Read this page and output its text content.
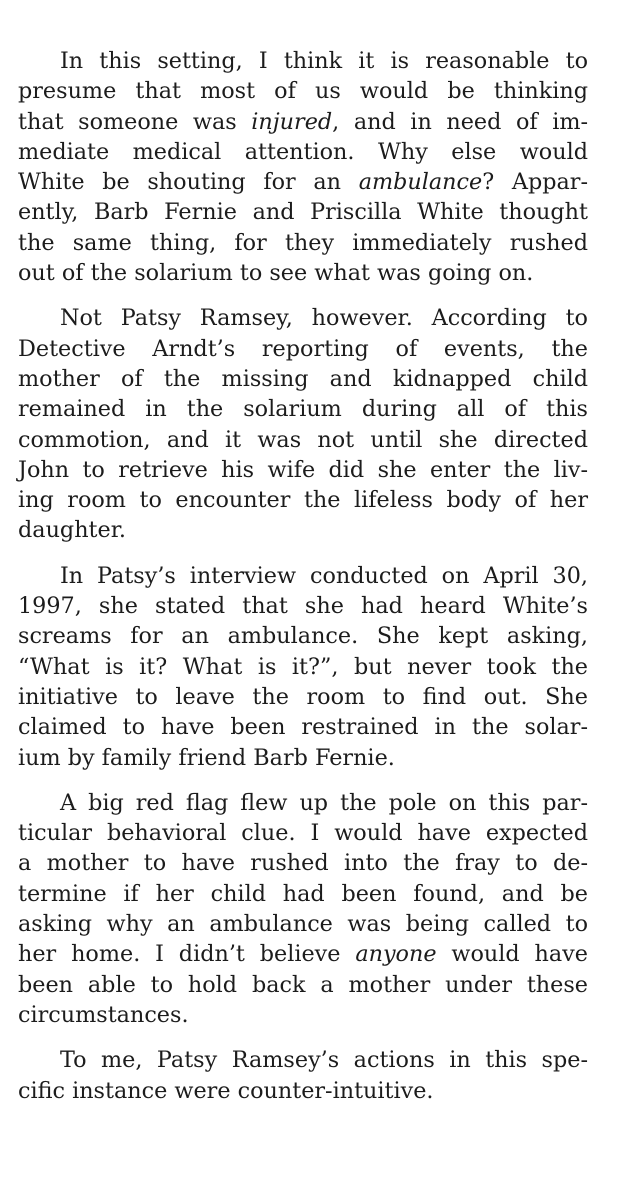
In this setting, I think it is reasonable to
presume that most of us would be thinking
that someone was injured, and in need of im-
mediate medical attention. Why else would
White be shouting for an ambulance? Appar-
ently, Barb Fernie and Priscilla White thought
the same thing, for they immediately rushed
out of the solarium to see what was going on.
Not Patsy Ramsey, however. According to
Detective Arndt’s reporting of events, the
mother of the missing and kidnapped child
remained in the solarium during all of this
commotion, and it was not until she directed
John to retrieve his wife did she enter the liv-
ing room to encounter the lifeless body of her
daughter.
In Patsy’s interview conducted on April 30,
1997, she stated that she had heard White’s
screams for an ambulance. She kept asking,
“What is it? What is it?”, but never took the
initiative to leave the room to find out. She
claimed to have been restrained in the solar-
ium by family friend Barb Fernie.
A big red flag flew up the pole on this par-
ticular behavioral clue. I would have expected
a mother to have rushed into the fray to de-
termine if her child had been found, and be
asking why an ambulance was being called to
her home. I didn’t believe anyone would have
been able to hold back a mother under these
circumstances.
To me, Patsy Ramsey’s actions in this spe-
cific instance were counter-intuitive.
